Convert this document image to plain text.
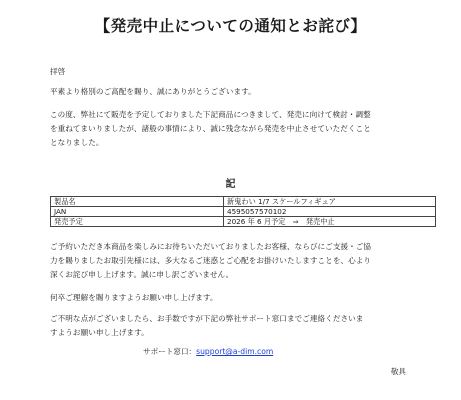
【発売中止についての通知とお詫び】
拝啓
平素より格別のご高配を賜り、誠にありがとうございます。
この度、弊社にて販売を予定しておりました下記商品につきまして、発売に向けて検討・調整
を重ねてまいりましたが、諸般の事情により、誠に残念ながら発売を中止させていただくこと
となりました。
記
製品名	新鬼わい 1/7 スケールフィギュア
JAN	4595057570102
発売予定	2026 年 6 月予定　⇒　発売中止
ご予約いただき本商品を楽しみにお待ちいただいておりましたお客様、ならびにご支援・ご協
力を賜りましたお取引先様には、多大なるご迷惑とご心配をお掛けいたしますことを、心より
深くお詫び申し上げます。誠に申し訳ございません。
何卒ご理解を賜りますようお願い申し上げます。
ご不明な点がございましたら、お手数ですが下記の弊社サポート窓口までご連絡くださいま
すようお願い申し上げます。
サポート窓口：support@a-dim.com
敬具
